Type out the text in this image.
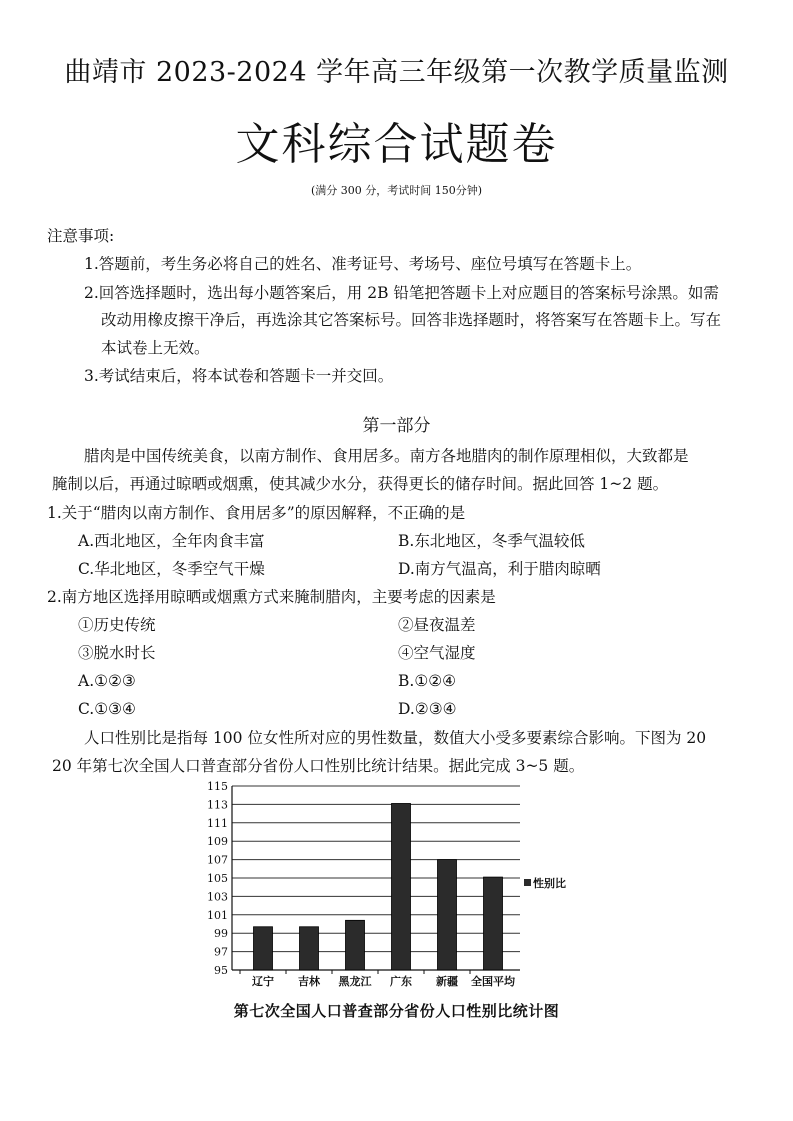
曲靖市 2023-2024 学年高三年级第一次教学质量监测
文科综合试题卷
(满分 300 分，考试时间 150分钟)
注意事项:
1.答题前，考生务必将自己的姓名、准考证号、考场号、座位号填写在答题卡上。
2.回答选择题时，选出每小题答案后，用 2B 铅笔把答题卡上对应题目的答案标号涂黑。如需
改动用橡皮擦干净后，再选涂其它答案标号。回答非选择题时，将答案写在答题卡上。写在
本试卷上无效。
3.考试结束后，将本试卷和答题卡一并交回。
第一部分
腊肉是中国传统美食，以南方制作、食用居多。南方各地腊肉的制作原理相似，大致都是
腌制以后，再通过晾晒或烟熏，使其减少水分，获得更长的储存时间。据此回答 1~2 题。
1.关于“腊肉以南方制作、食用居多”的原因解释，不正确的是
A.西北地区，全年肉食丰富	B.东北地区，冬季气温较低
C.华北地区，冬季空气干燥	D.南方气温高，利于腊肉晾晒
2.南方地区选择用晾晒或烟熏方式来腌制腊肉，主要考虑的因素是
①历史传统	②昼夜温差
③脱水时长	④空气湿度
A.①②③	B.①②④
C.①③④	D.②③④
人口性别比是指每 100 位女性所对应的男性数量，数值大小受多要素综合影响。下图为 20
20 年第七次全国人口普查部分省份人口性别比统计结果。据此完成 3~5 题。
95
97
99
101
103
105
107
109
111
113
115
辽宁 吉林 黑龙江 广东 新疆 全国平均
性别比
第七次全国人口普查部分省份人口性别比统计图
